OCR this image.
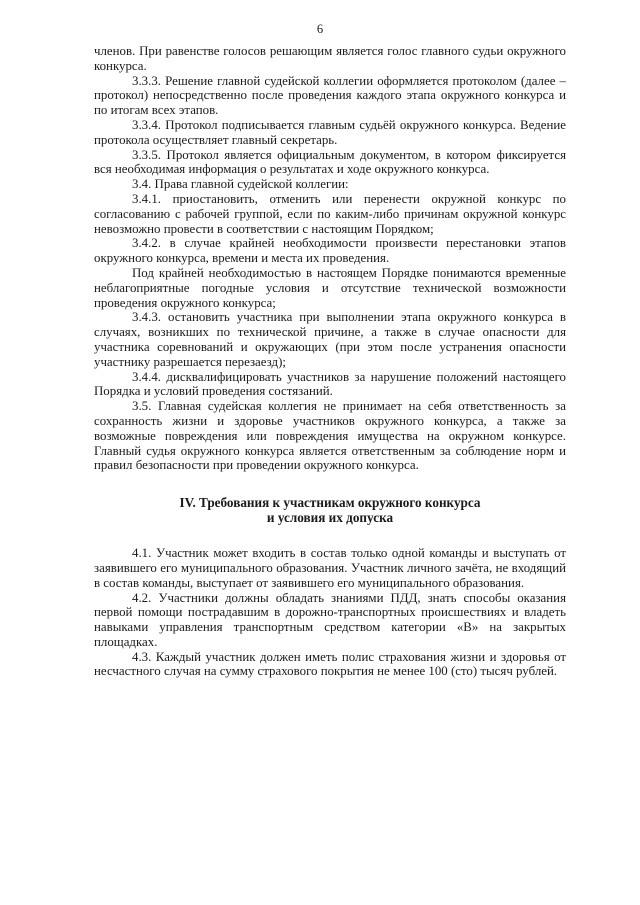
6

членов. При равенстве голосов решающим является голос главного судьи окружного конкурса.

3.3.3. Решение главной судейской коллегии оформляется протоколом (далее – протокол) непосредственно после проведения каждого этапа окружного конкурса и по итогам всех этапов.

3.3.4. Протокол подписывается главным судьёй окружного конкурса. Ведение протокола осуществляет главный секретарь.

3.3.5. Протокол является официальным документом, в котором фиксируется вся необходимая информация о результатах и ходе окружного конкурса.

3.4. Права главной судейской коллегии:

3.4.1. приостановить, отменить или перенести окружной конкурс по согласованию с рабочей группой, если по каким-либо причинам окружной конкурс невозможно провести в соответствии с настоящим Порядком;

3.4.2. в случае крайней необходимости произвести перестановки этапов окружного конкурса, времени и места их проведения.

Под крайней необходимостью в настоящем Порядке понимаются временные неблагоприятные погодные условия и отсутствие технической возможности проведения окружного конкурса;

3.4.3. остановить участника при выполнении этапа окружного конкурса в случаях, возникших по технической причине, а также в случае опасности для участника соревнований и окружающих (при этом после устранения опасности участнику разрешается перезаезд);

3.4.4. дисквалифицировать участников за нарушение положений настоящего Порядка и условий проведения состязаний.

3.5. Главная судейская коллегия не принимает на себя ответственность за сохранность жизни и здоровье участников окружного конкурса, а также за возможные повреждения или повреждения имущества на окружном конкурсе. Главный судья окружного конкурса является ответственным за соблюдение норм и правил безопасности при проведении окружного конкурса.

IV. Требования к участникам окружного конкурса
и условия их допуска

4.1. Участник может входить в состав только одной команды и выступать от заявившего его муниципального образования. Участник личного зачёта, не входящий в состав команды, выступает от заявившего его муниципального образования.

4.2. Участники должны обладать знаниями ПДД, знать способы оказания первой помощи пострадавшим в дорожно-транспортных происшествиях и владеть навыками управления транспортным средством категории «В» на закрытых площадках.

4.3. Каждый участник должен иметь полис страхования жизни и здоровья от несчастного случая на сумму страхового покрытия не менее 100 (сто) тысяч рублей.
